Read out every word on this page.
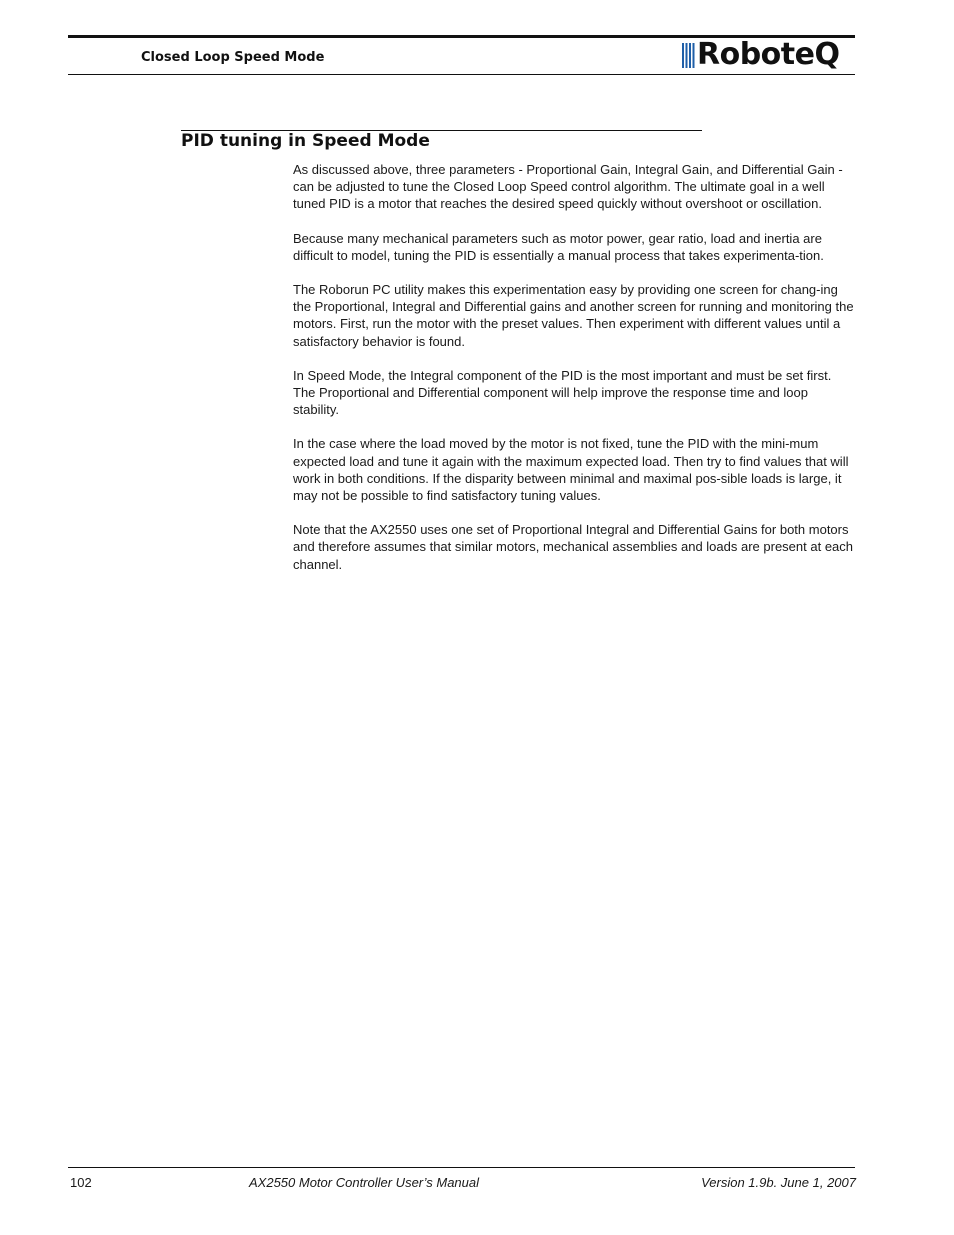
Closed Loop Speed Mode	RoboteQ
PID tuning in Speed Mode

As discussed above, three parameters - Proportional Gain, Integral Gain, and Differential Gain - can be adjusted to tune the Closed Loop Speed control algorithm. The ultimate goal in a well tuned PID is a motor that reaches the desired speed quickly without overshoot or oscillation.

Because many mechanical parameters such as motor power, gear ratio, load and inertia are difficult to model, tuning the PID is essentially a manual process that takes experimenta-tion.

The Roborun PC utility makes this experimentation easy by providing one screen for chang-ing the Proportional, Integral and Differential gains and another screen for running and monitoring the motors. First, run the motor with the preset values. Then experiment with different values until a satisfactory behavior is found.

In Speed Mode, the Integral component of the PID is the most important and must be set first. The Proportional and Differential component will help improve the response time and loop stability.

In the case where the load moved by the motor is not fixed, tune the PID with the mini-mum expected load and tune it again with the maximum expected load. Then try to find values that will work in both conditions. If the disparity between minimal and maximal pos-sible loads is large, it may not be possible to find satisfactory tuning values.

Note that the AX2550 uses one set of Proportional Integral and Differential Gains for both motors and therefore assumes that similar motors, mechanical assemblies and loads are present at each channel.

102	AX2550 Motor Controller User’s Manual	Version 1.9b. June 1, 2007
